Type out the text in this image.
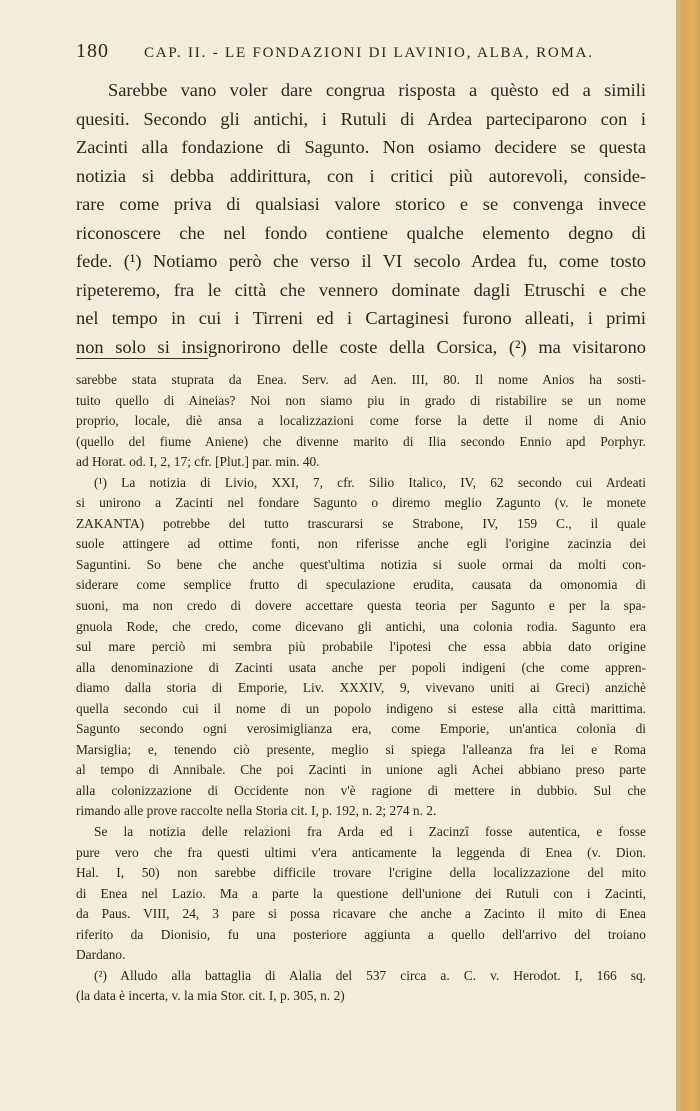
180	CAP. II. - LE FONDAZIONI DI LAVINIO, ALBA, ROMA.
Sarebbe vano voler dare congrua risposta a quèsto ed a simili
quesiti. Secondo gli antichi, i Rutuli di Ardea parteciparono con i
Zacinti alla fondazione di Sagunto. Non osiamo decidere se questa
notizia si debba addirittura, con i critici più autorevoli, conside-
rare come priva di qualsiasi valore storico e se convenga invece
riconoscere che nel fondo contiene qualche elemento degno di
fede. (¹) Notiamo però che verso il VI secolo Ardea fu, come tosto
ripeteremo, fra le città che vennero dominate dagli Etruschi e che
nel tempo in cui i Tirreni ed i Cartaginesi furono alleati, i primi
non solo si insignorirono delle coste della Corsica, (²) ma visitarono
sarebbe stata stuprata da Enea. Serv. ad Aen. III, 80. Il nome Anios ha sosti-
tuito quello di Aineias? Noi non siamo piu in grado di ristabilire se un nome
proprio, locale, diè ansa a localizzazioni come forse la dette il nome di Anio
(quello del fiume Aniene) che divenne marito di Ilia secondo Ennio apd Porphyr.
ad Horat. od. I, 2, 17; cfr. [Plut.] par. min. 40.
(¹) La notizia di Livio, XXI, 7, cfr. Silio Italico, IV, 62 secondo cui Ardeati
si unirono a Zacinti nel fondare Sagunto o diremo meglio Zagunto (v. le monete
ZAKANTA) potrebbe del tutto trascurarsi se Strabone, IV, 159 C., il quale
suole attingere ad ottime fonti, non riferisse anche egli l'origine zacinzia dei
Saguntini. So bene che anche quest'ultima notizia si suole ormai da molti con-
siderare come semplice frutto di speculazione erudita, causata da omonomia di
suoni, ma non credo di dovere accettare questa teoria per Sagunto e per la spa-
gnuola Rode, che credo, come dicevano gli antichi, una colonia rodia. Sagunto era
sul mare perciò mi sembra più probabile l'ipotesi che essa abbia dato origine
alla denominazione di Zacinti usata anche per popoli indigeni (che come appren-
diamo dalla storia di Emporie, Liv. XXXIV, 9, vivevano uniti ai Greci) anzichè
quella secondo cui il nome di un popolo indigeno si estese alla città marittima.
Sagunto secondo ogni verosimiglianza era, come Emporie, un'antica colonia di
Marsiglia; e, tenendo ciò presente, meglio si spiega l'alleanza fra lei e Roma
al tempo di Annibale. Che poi Zacinti in unione agli Achei abbiano preso parte
alla colonizzazione di Occidente non v'è ragione di mettere in dubbio. Sul che
rimando alle prove raccolte nella Storia cit. I, p. 192, n. 2; 274 n. 2.
Se la notizia delle relazioni fra Arda ed i Zacinzî fosse autentica, e fosse
pure vero che fra questi ultimi v'era anticamente la leggenda di Enea (v. Dion.
Hal. I, 50) non sarebbe difficile trovare l'crigine della localizzazione del mito
di Enea nel Lazio. Ma a parte la questione dell'unione dei Rutuli con i Zacinti,
da Paus. VIII, 24, 3 pare si possa ricavare che anche a Zacinto il mito di Enea
riferito da Dionisio, fu una posteriore aggiunta a quello dell'arrivo del troiano
Dardano.
(²) Alludo alla battaglia di Alalia del 537 circa a. C. v. Herodot. I, 166 sq.
(la data è incerta, v. la mia Stor. cit. I, p. 305, n. 2)
